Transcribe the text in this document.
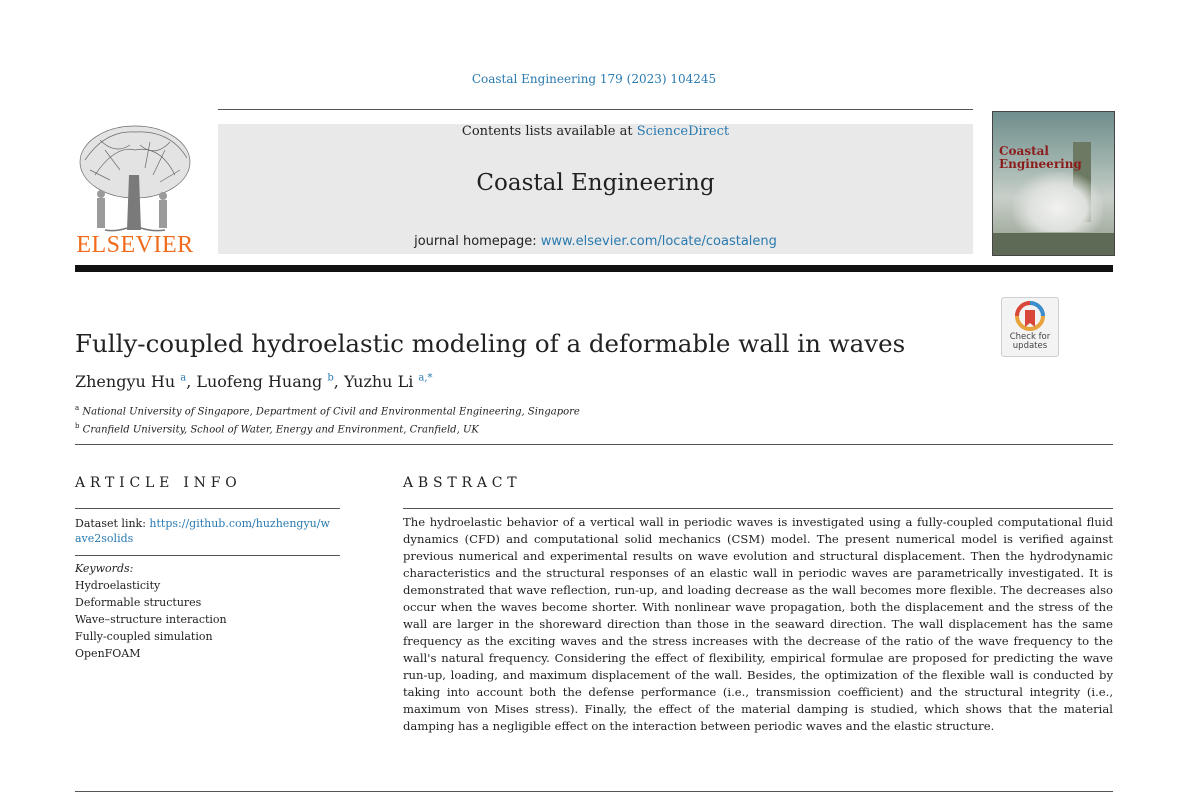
Coastal Engineering 179 (2023) 104245
ELSEVIER
Contents lists available at ScienceDirect
Coastal Engineering
journal homepage: www.elsevier.com/locate/coastaleng
Coastal
Engineering
Check for
updates
Fully-coupled hydroelastic modeling of a deformable wall in waves
Zhengyu Hu $^a$, Luofeng Huang $^b$, Yuzhu Li $^{a,*}$
$^a$ National University of Singapore, Department of Civil and Environmental Engineering, Singapore
$^b$ Cranfield University, School of Water, Energy and Environment, Cranfield, UK
ARTICLE INFO	ABSTRACT
Dataset link: https://github.com/huzhengyu/w
ave2solids
Keywords:
Hydroelasticity
Deformable structures
Wave–structure interaction
Fully-coupled simulation
OpenFOAM
The hydroelastic behavior of a vertical wall in periodic waves is investigated using a fully-coupled computational fluid dynamics (CFD) and computational solid mechanics (CSM) model. The present numerical model is verified against previous numerical and experimental results on wave evolution and structural displacement. Then the hydrodynamic characteristics and the structural responses of an elastic wall in periodic waves are parametrically investigated. It is demonstrated that wave reflection, run-up, and loading decrease as the wall becomes more flexible. The decreases also occur when the waves become shorter. With nonlinear wave propagation, both the displacement and the stress of the wall are larger in the shoreward direction than those in the seaward direction. The wall displacement has the same frequency as the exciting waves and the stress increases with the decrease of the ratio of the wave frequency to the wall's natural frequency. Considering the effect of flexibility, empirical formulae are proposed for predicting the wave run-up, loading, and maximum displacement of the wall. Besides, the optimization of the flexible wall is conducted by taking into account both the defense performance (i.e., transmission coefficient) and the structural integrity (i.e., maximum von Mises stress). Finally, the effect of the material damping is studied, which shows that the material damping has a negligible effect on the interaction between periodic waves and the elastic structure.
